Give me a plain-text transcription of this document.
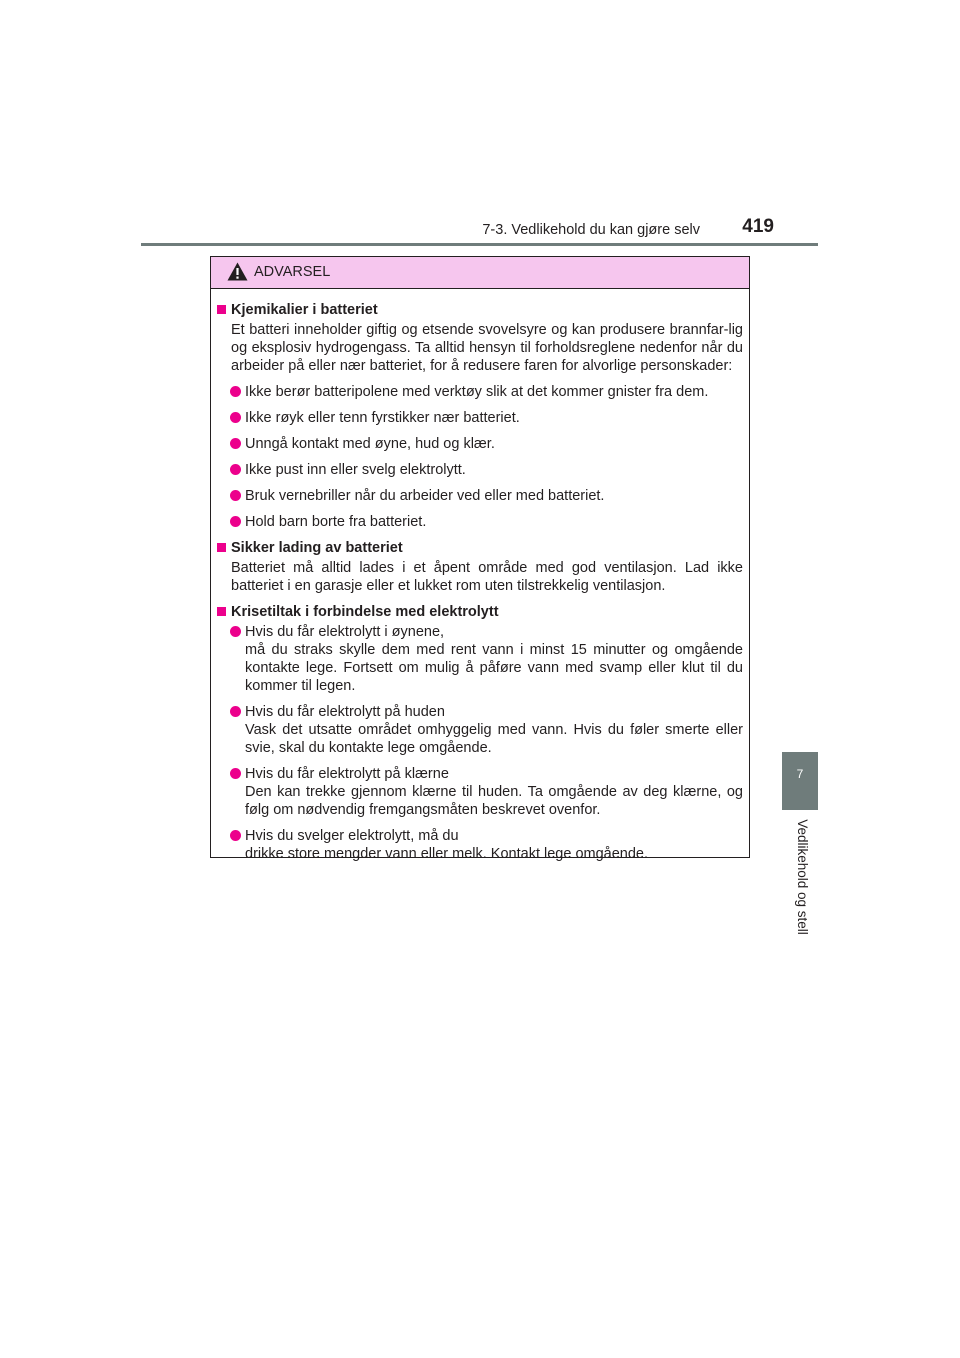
7-3. Vedlikehold du kan gjøre selv	419
7
Vedlikehold og stell
ADVARSEL
Kjemikalier i batteriet
Et batteri inneholder giftig og etsende svovelsyre og kan produsere brannfar-lig og eksplosiv hydrogengass. Ta alltid hensyn til forholdsreglene nedenfor når du arbeider på eller nær batteriet, for å redusere faren for alvorlige personskader:
Ikke berør batteripolene med verktøy slik at det kommer gnister fra dem.
Ikke røyk eller tenn fyrstikker nær batteriet.
Unngå kontakt med øyne, hud og klær.
Ikke pust inn eller svelg elektrolytt.
Bruk vernebriller når du arbeider ved eller med batteriet.
Hold barn borte fra batteriet.
Sikker lading av batteriet
Batteriet må alltid lades i et åpent område med god ventilasjon. Lad ikke batteriet i en garasje eller et lukket rom uten tilstrekkelig ventilasjon.
Krisetiltak i forbindelse med elektrolytt
Hvis du får elektrolytt i øynene,
må du straks skylle dem med rent vann i minst 15 minutter og omgående kontakte lege. Fortsett om mulig å påføre vann med svamp eller klut til du kommer til legen.
Hvis du får elektrolytt på huden
Vask det utsatte området omhyggelig med vann. Hvis du føler smerte eller svie, skal du kontakte lege omgående.
Hvis du får elektrolytt på klærne
Den kan trekke gjennom klærne til huden. Ta omgående av deg klærne, og følg om nødvendig fremgangsmåten beskrevet ovenfor.
Hvis du svelger elektrolytt, må du
drikke store mengder vann eller melk. Kontakt lege omgående.
